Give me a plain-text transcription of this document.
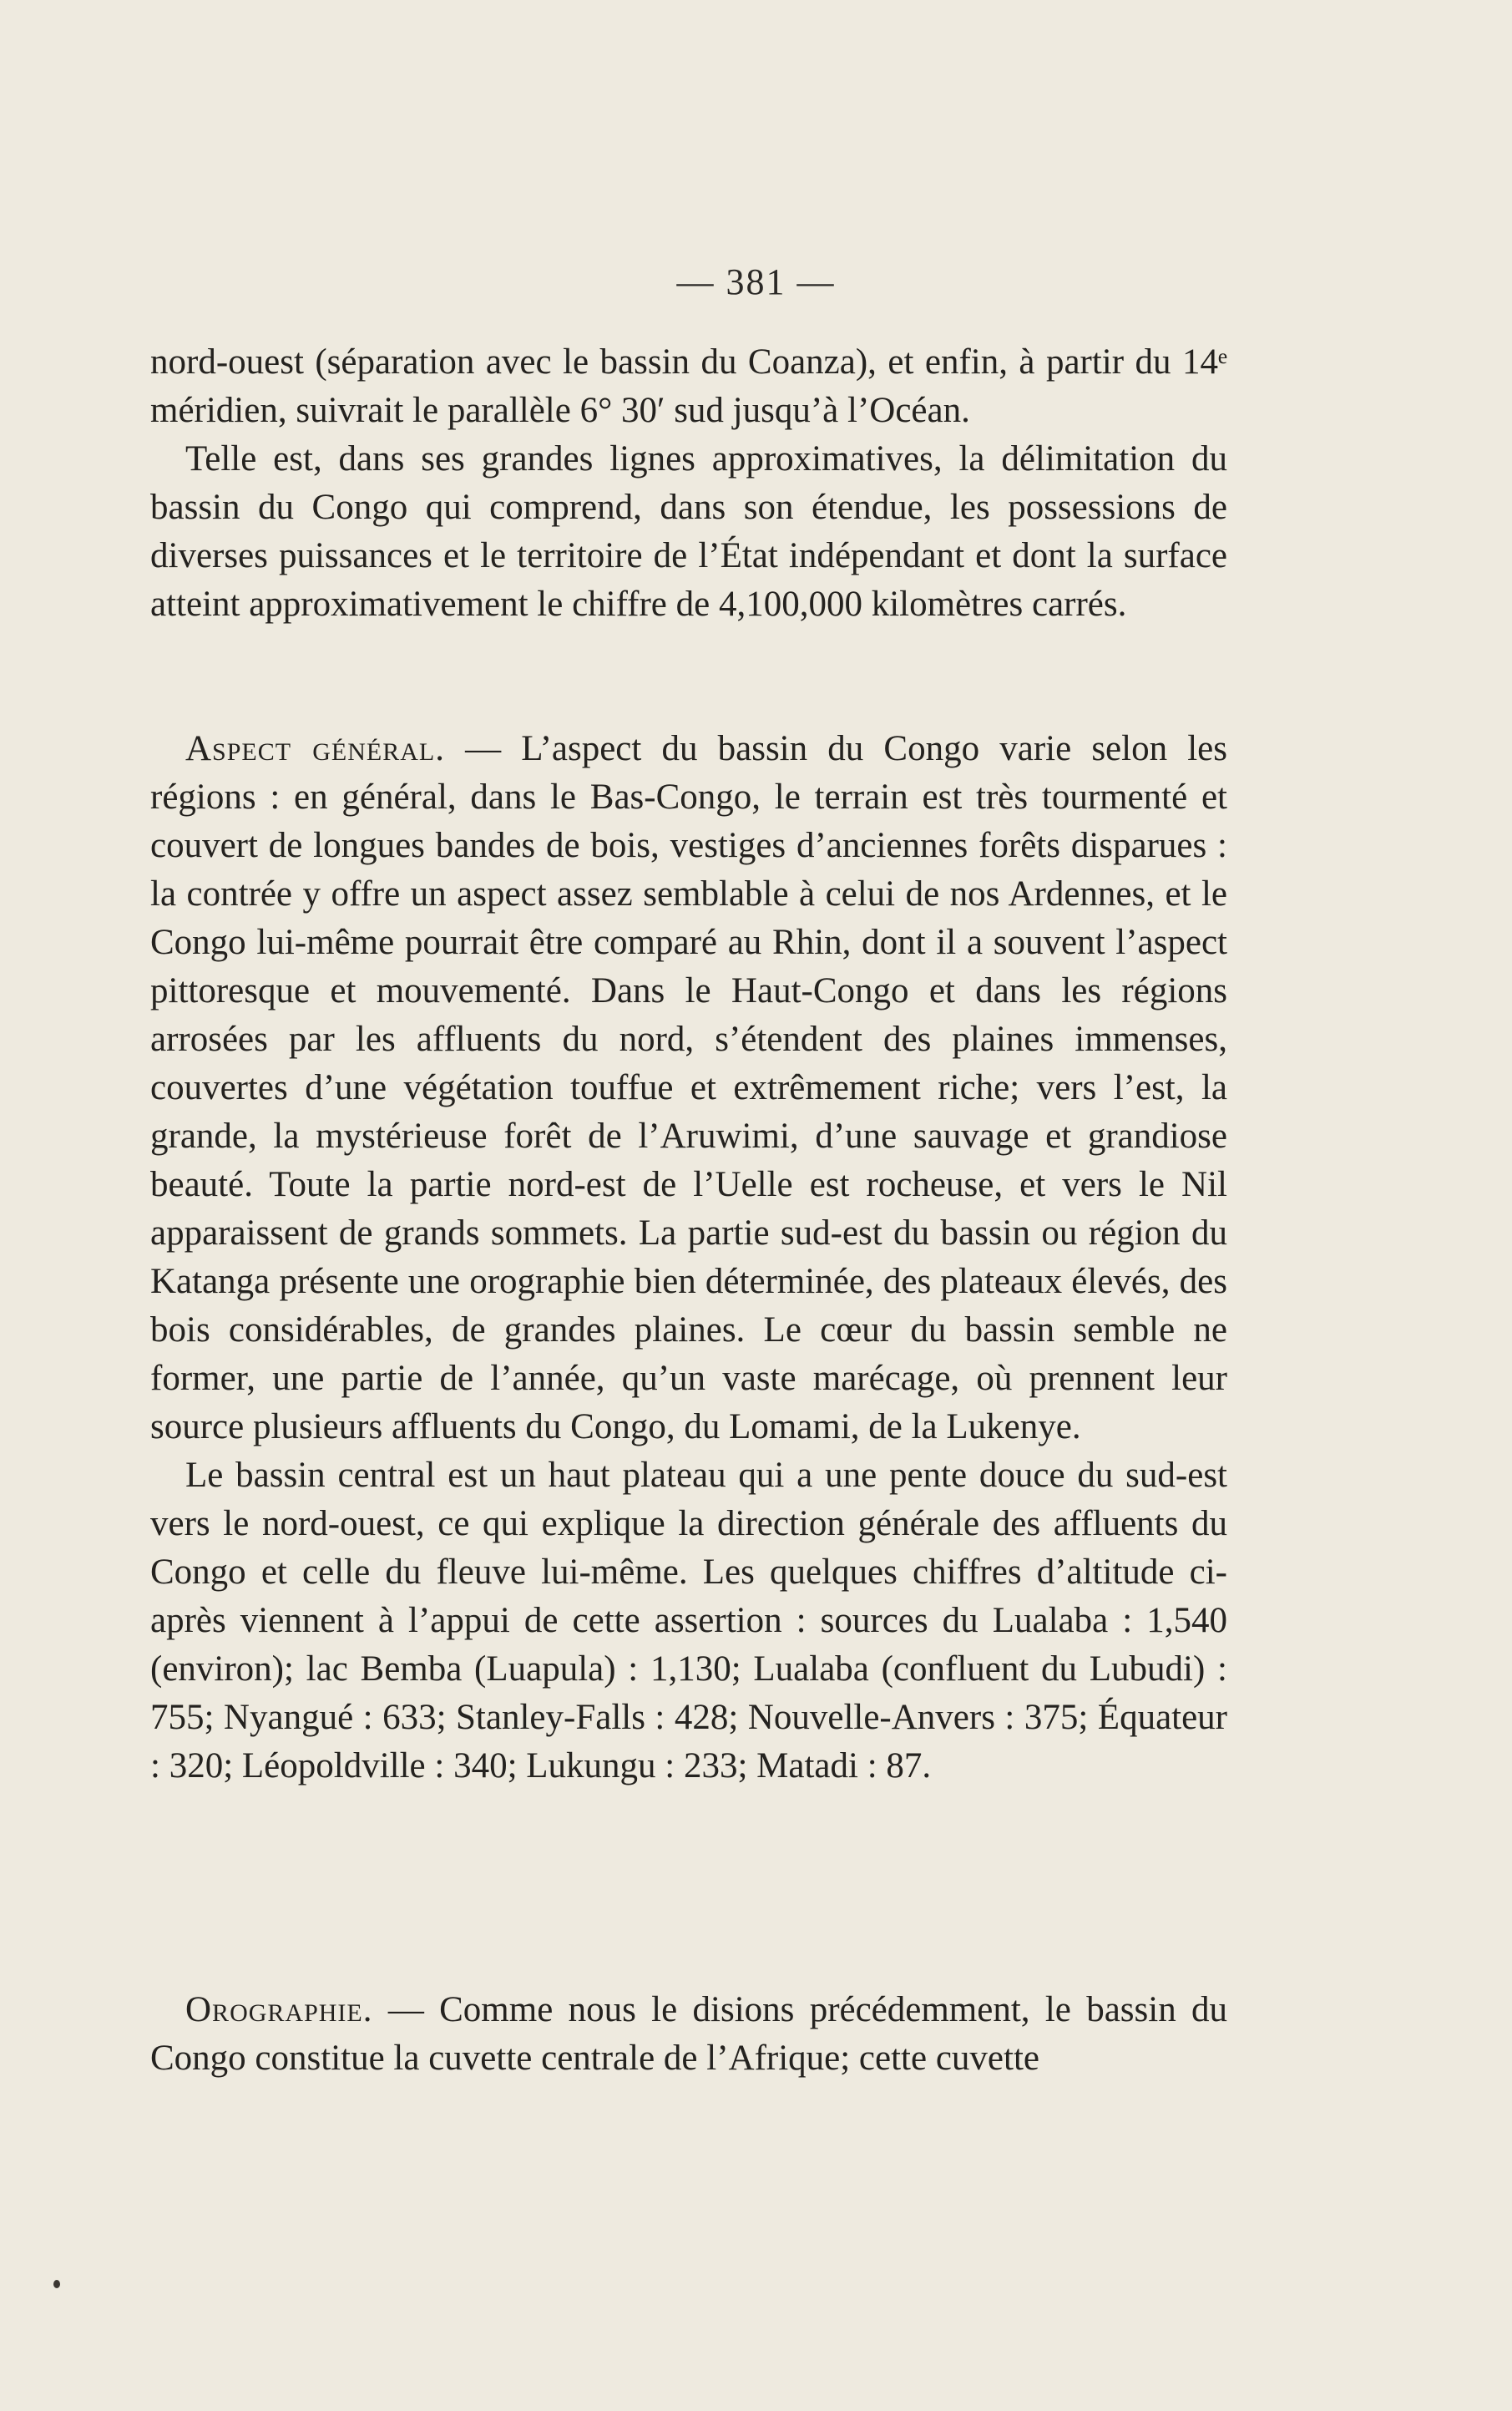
— 381 —

nord-ouest (séparation avec le bassin du Coanza), et enfin, à partir du 14ᵉ méridien, suivrait le parallèle 6° 30′ sud jusqu’à l’Océan.

Telle est, dans ses grandes lignes approximatives, la délimitation du bassin du Congo qui comprend, dans son étendue, les possessions de diverses puissances et le territoire de l’État indépendant et dont la surface atteint approximativement le chiffre de 4,100,000 kilomètres carrés.

Aspect général. — L’aspect du bassin du Congo varie selon les régions : en général, dans le Bas-Congo, le terrain est très tourmenté et couvert de longues bandes de bois, vestiges d’anciennes forêts disparues : la contrée y offre un aspect assez semblable à celui de nos Ardennes, et le Congo lui-même pourrait être comparé au Rhin, dont il a souvent l’aspect pittoresque et mouvementé. Dans le Haut-Congo et dans les régions arrosées par les affluents du nord, s’étendent des plaines immenses, couvertes d’une végétation touffue et extrêmement riche; vers l’est, la grande, la mystérieuse forêt de l’Aruwimi, d’une sauvage et grandiose beauté. Toute la partie nord-est de l’Uelle est rocheuse, et vers le Nil apparaissent de grands sommets. La partie sud-est du bassin ou région du Katanga présente une orographie bien déterminée, des plateaux élevés, des bois considérables, de grandes plaines. Le cœur du bassin semble ne former, une partie de l’année, qu’un vaste marécage, où prennent leur source plusieurs affluents du Congo, du Lomami, de la Lukenye.

Le bassin central est un haut plateau qui a une pente douce du sud-est vers le nord-ouest, ce qui explique la direction générale des affluents du Congo et celle du fleuve lui-même. Les quelques chiffres d’altitude ci-après viennent à l’appui de cette assertion : sources du Lualaba : 1,540 (environ); lac Bemba (Luapula) : 1,130; Lualaba (confluent du Lubudi) : 755; Nyangué : 633; Stanley-Falls : 428; Nouvelle-Anvers : 375; Équateur : 320; Léopoldville : 340; Lukungu : 233; Matadi : 87.

Orographie. — Comme nous le disions précédemment, le bassin du Congo constitue la cuvette centrale de l’Afrique; cette cuvette
